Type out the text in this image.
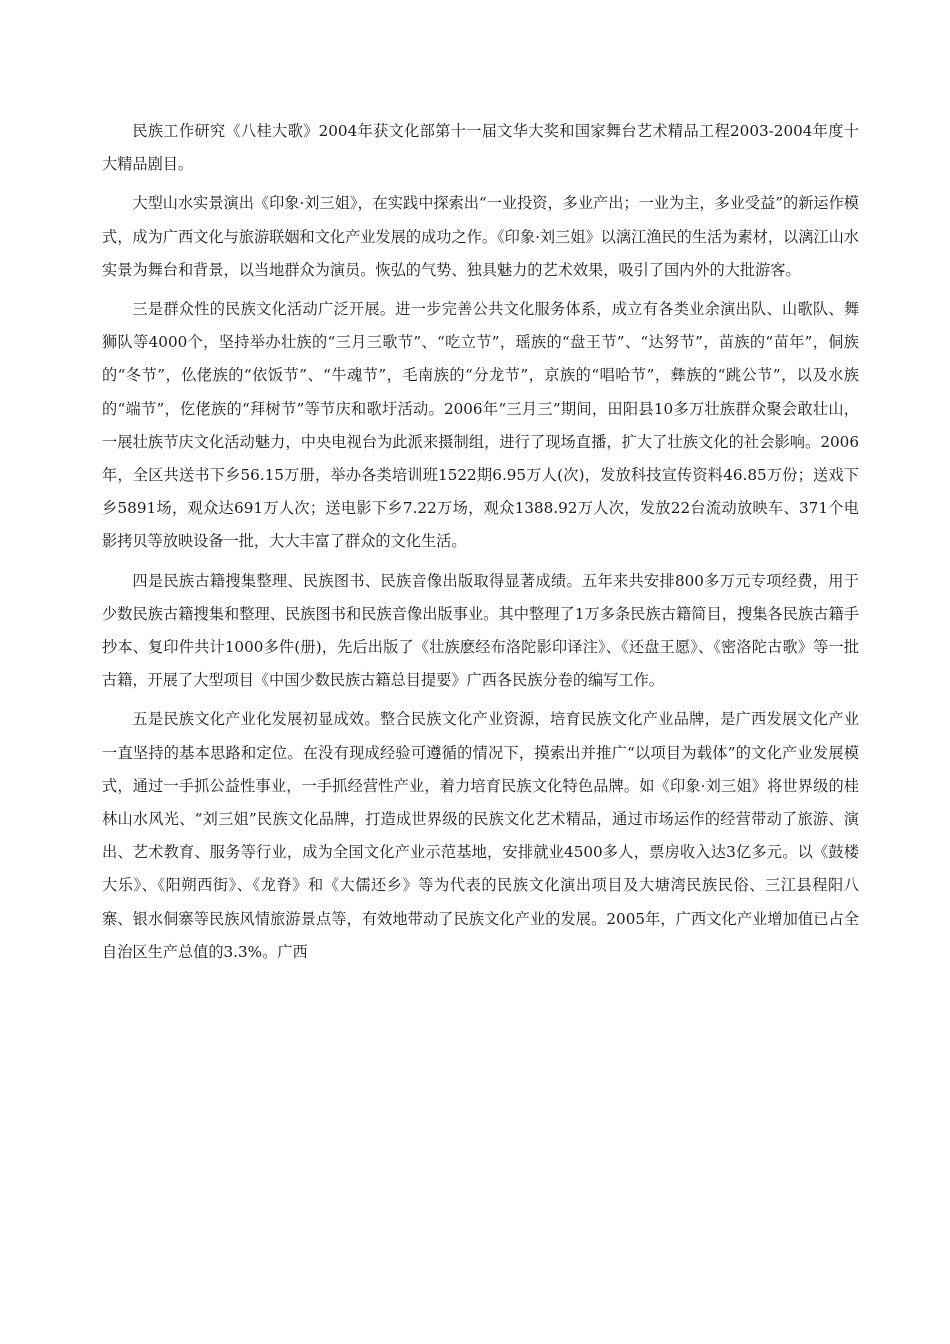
民族工作研究《八桂大歌》2004年获文化部第十一届文华大奖和国家舞台艺术精品工程2003-2004年度十大精品剧目。

大型山水实景演出《印象·刘三姐》，在实践中探索出“一业投资，多业产出；一业为主，多业受益”的新运作模式，成为广西文化与旅游联姻和文化产业发展的成功之作。《印象·刘三姐》以漓江渔民的生活为素材，以漓江山水实景为舞台和背景，以当地群众为演员。恢弘的气势、独具魅力的艺术效果，吸引了国内外的大批游客。

三是群众性的民族文化活动广泛开展。进一步完善公共文化服务体系，成立有各类业余演出队、山歌队、舞狮队等4000个，坚持举办壮族的“三月三歌节”、“吃立节”，瑶族的“盘王节”、“达努节”，苗族的“苗年”，侗族的“冬节”，仫佬族的“依饭节”、“牛魂节”，毛南族的“分龙节”，京族的“唱哈节”，彝族的“跳公节”，以及水族的“端节”，仡佬族的“拜树节”等节庆和歌圩活动。2006年“三月三”期间，田阳县10多万壮族群众聚会敢壮山，一展壮族节庆文化活动魅力，中央电视台为此派来摄制组，进行了现场直播，扩大了壮族文化的社会影响。2006年，全区共送书下乡56.15万册，举办各类培训班1522期6.95万人(次)，发放科技宣传资料46.85万份；送戏下乡5891场，观众达691万人次；送电影下乡7.22万场，观众1388.92万人次，发放22台流动放映车、371个电影拷贝等放映设备一批，大大丰富了群众的文化生活。

四是民族古籍搜集整理、民族图书、民族音像出版取得显著成绩。五年来共安排800多万元专项经费，用于少数民族古籍搜集和整理、民族图书和民族音像出版事业。其中整理了1万多条民族古籍简目，搜集各民族古籍手抄本、复印件共计1000多件(册)，先后出版了《壮族麽经布洛陀影印译注》、《还盘王愿》、《密洛陀古歌》等一批古籍，开展了大型项目《中国少数民族古籍总目提要》广西各民族分卷的编写工作。

五是民族文化产业化发展初显成效。整合民族文化产业资源，培育民族文化产业品牌，是广西发展文化产业一直坚持的基本思路和定位。在没有现成经验可遵循的情况下，摸索出并推广“以项目为载体”的文化产业发展模式，通过一手抓公益性事业，一手抓经营性产业，着力培育民族文化特色品牌。如《印象·刘三姐》将世界级的桂林山水风光、“刘三姐”民族文化品牌，打造成世界级的民族文化艺术精品，通过市场运作的经营带动了旅游、演出、艺术教育、服务等行业，成为全国文化产业示范基地，安排就业4500多人，票房收入达3亿多元。以《鼓楼大乐》、《阳朔西街》、《龙脊》和《大儒还乡》等为代表的民族文化演出项目及大塘湾民族民俗、三江县程阳八寨、银水侗寨等民族风情旅游景点等，有效地带动了民族文化产业的发展。2005年，广西文化产业增加值已占全自治区生产总值的3.3%。广西
